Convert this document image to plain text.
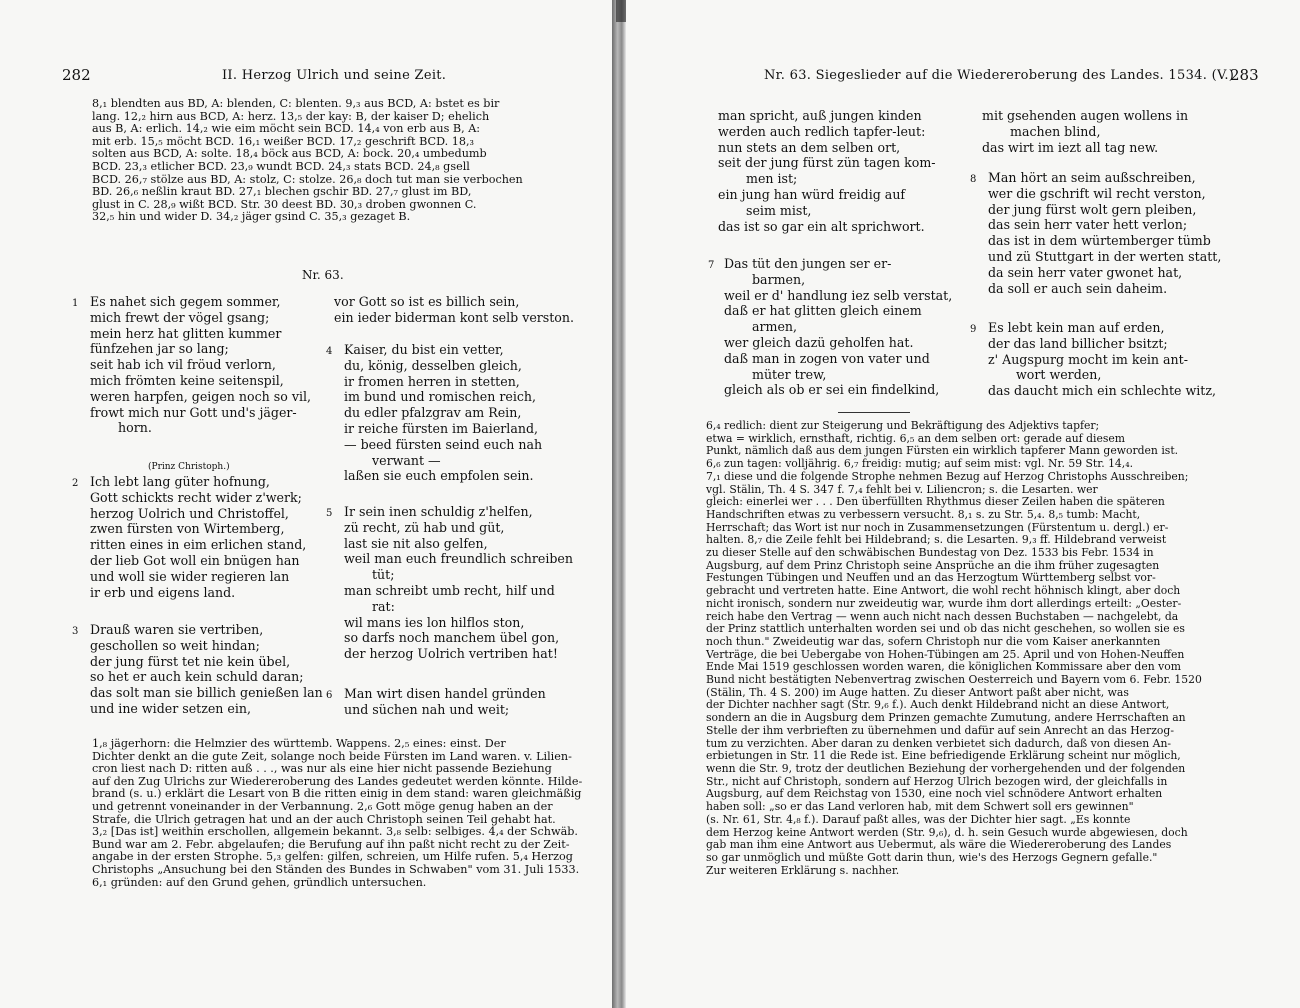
282	II. Herzog Ulrich und seine Zeit.
8,₁ blendten aus BD, A: blenden, C: blenten. 9,₃ aus BCD, A: bstet es bir
lang. 12,₂ hirn aus BCD, A: herz. 13,₅ der kay: B, der kaiser D; ehelich
aus B, A: erlich. 14,₂ wie eim möcht sein BCD. 14,₄ von erb aus B, A:
mit erb. 15,₅ möcht BCD. 16,₁ weißer BCD. 17,₂ geschrift BCD. 18,₃
solten aus BCD, A: solte. 18,₄ böck aus BCD, A: bock. 20,₄ umbedumb
BCD. 23,₃ etlicher BCD. 23,₉ wundt BCD. 24,₃ stats BCD. 24,₈ gsell
BCD. 26,₇ stölze aus BD, A: stolz, C: stolze. 26,₈ doch tut man sie verbochen
BD. 26,₆ neßlin kraut BD. 27,₁ blechen gschir BD. 27,₇ glust im BD,
glust in C. 28,₉ wißt BCD. Str. 30 deest BD. 30,₃ droben gwonnen C.
32,₅ hin und wider D. 34,₂ jäger gsind C. 35,₃ gezaget B.
Nr. 63.
1 Es nahet sich gegem sommer,
mich frewt der vögel gsang;
mein herz hat glitten kummer
fünfzehen jar so lang;
seit hab ich vil fröud verlorn,
mich frömten keine seitenspil,
weren harpfen, geigen noch so vil,
frowt mich nur Gott und's jäger-
horn.
(Prinz Christoph.)
2 Ich lebt lang güter hofnung,
Gott schickts recht wider z'werk;
herzog Uolrich und Christoffel,
zwen fürsten von Wirtemberg,
ritten eines in eim erlichen stand,
der lieb Got woll ein bnügen han
und woll sie wider regieren lan
ir erb und eigens land.
3 Drauß waren sie vertriben,
geschollen so weit hindan;
der jung fürst tet nie kein übel,
so het er auch kein schuld daran;
das solt man sie billich genießen lan
und ine wider setzen ein,
vor Gott so ist es billich sein,
ein ieder biderman kont selb verston.
4 Kaiser, du bist ein vetter,
du, könig, desselben gleich,
ir fromen herren in stetten,
im bund und romischen reich,
du edler pfalzgrav am Rein,
ir reiche fürsten im Baierland,
— beed fürsten seind euch nah
verwant —
laßen sie euch empfolen sein.
5 Ir sein inen schuldig z'helfen,
zü recht, zü hab und güt,
last sie nit also gelfen,
weil man euch freundlich schreiben
tüt;
man schreibt umb recht, hilf und
rat:
wil mans ies lon hilflos ston,
so darfs noch manchem übel gon,
der herzog Uolrich vertriben hat!
6 Man wirt disen handel gründen
und süchen nah und weit;
1,₈ jägerhorn: die Helmzier des württemb. Wappens. 2,₅ eines: einst. Der
Dichter denkt an die gute Zeit, solange noch beide Fürsten im Land waren. v. Lilien-
cron liest nach D: ritten auß . . ., was nur als eine hier nicht passende Beziehung
auf den Zug Ulrichs zur Wiedereroberung des Landes gedeutet werden könnte. Hilde-
brand (s. u.) erklärt die Lesart von B die ritten einig in dem stand: waren gleichmäßig
und getrennt voneinander in der Verbannung. 2,₆ Gott möge genug haben an der
Strafe, die Ulrich getragen hat und an der auch Christoph seinen Teil gehabt hat.
3,₂ [Das ist] weithin erschollen, allgemein bekannt. 3,₈ selb: selbiges. 4,₄ der Schwäb.
Bund war am 2. Febr. abgelaufen; die Berufung auf ihn paßt nicht recht zu der Zeit-
angabe in der ersten Strophe. 5,₃ gelfen: gilfen, schreien, um Hilfe rufen. 5,₄ Herzog
Christophs „Ansuchung bei den Ständen des Bundes in Schwaben" vom 31. Juli 1533.
6,₁ gründen: auf den Grund gehen, gründlich untersuchen.
Nr. 63. Siegeslieder auf die Wiedereroberung des Landes. 1534. (V.)
283
man spricht, auß jungen kinden
werden auch redlich tapfer-leut:
nun stets an dem selben ort,
seit der jung fürst zün tagen kom-
men ist;
ein jung han würd freidig auf
seim mist,
das ist so gar ein alt sprichwort.
7 Das tüt den jungen ser er-
barmen,
weil er d' handlung iez selb verstat,
daß er hat glitten gleich einem
armen,
wer gleich dazü geholfen hat.
daß man in zogen von vater und
müter trew,
gleich als ob er sei ein findelkind,
mit gsehenden augen wollens in
machen blind,
das wirt im iezt all tag new.
8 Man hört an seim außschreiben,
wer die gschrift wil recht verston,
der jung fürst wolt gern pleiben,
das sein herr vater hett verlon;
das ist in dem würtemberger tümb
und zü Stuttgart in der werten statt,
da sein herr vater gwonet hat,
da soll er auch sein daheim.
9 Es lebt kein man auf erden,
der das land billicher bsitzt;
z' Augspurg mocht im kein ant-
wort werden,
das daucht mich ein schlechte witz,
6,₄ redlich: dient zur Steigerung und Bekräftigung des Adjektivs tapfer;
etwa = wirklich, ernsthaft, richtig. 6,₅ an dem selben ort: gerade auf diesem
Punkt, nämlich daß aus dem jungen Fürsten ein wirklich tapferer Mann geworden ist.
6,₆ zun tagen: volljährig. 6,₇ freidig: mutig; auf seim mist: vgl. Nr. 59 Str. 14,₄.
7,₁ diese und die folgende Strophe nehmen Bezug auf Herzog Christophs Ausschreiben;
vgl. Stälin, Th. 4 S. 347 f. 7,₄ fehlt bei v. Liliencron; s. die Lesarten. wer
gleich: einerlei wer . . . Den überfüllten Rhythmus dieser Zeilen haben die späteren
Handschriften etwas zu verbessern versucht. 8,₁ s. zu Str. 5,₄. 8,₅ tumb: Macht,
Herrschaft; das Wort ist nur noch in Zusammensetzungen (Fürstentum u. dergl.) er-
halten. 8,₇ die Zeile fehlt bei Hildebrand; s. die Lesarten. 9,₃ ff. Hildebrand verweist
zu dieser Stelle auf den schwäbischen Bundestag von Dez. 1533 bis Febr. 1534 in
Augsburg, auf dem Prinz Christoph seine Ansprüche an die ihm früher zugesagten
Festungen Tübingen und Neuffen und an das Herzogtum Württemberg selbst vor-
gebracht und vertreten hatte. Eine Antwort, die wohl recht höhnisch klingt, aber doch
nicht ironisch, sondern nur zweideutig war, wurde ihm dort allerdings erteilt: „Oester-
reich habe den Vertrag — wenn auch nicht nach dessen Buchstaben — nachgelebt, da
der Prinz stattlich unterhalten worden sei und ob das nicht geschehen, so wollen sie es
noch thun." Zweideutig war das, sofern Christoph nur die vom Kaiser anerkannten
Verträge, die bei Uebergabe von Hohen-Tübingen am 25. April und von Hohen-Neuffen
Ende Mai 1519 geschlossen worden waren, die königlichen Kommissare aber den vom
Bund nicht bestätigten Nebenvertrag zwischen Oesterreich und Bayern vom 6. Febr. 1520
(Stälin, Th. 4 S. 200) im Auge hatten. Zu dieser Antwort paßt aber nicht, was
der Dichter nachher sagt (Str. 9,₆ f.). Auch denkt Hildebrand nicht an diese Antwort,
sondern an die in Augsburg dem Prinzen gemachte Zumutung, andere Herrschaften an
Stelle der ihm verbrieften zu übernehmen und dafür auf sein Anrecht an das Herzog-
tum zu verzichten. Aber daran zu denken verbietet sich dadurch, daß von diesen An-
erbietungen in Str. 11 die Rede ist. Eine befriedigende Erklärung scheint nur möglich,
wenn die Str. 9, trotz der deutlichen Beziehung der vorhergehenden und der folgenden
Str., nicht auf Christoph, sondern auf Herzog Ulrich bezogen wird, der gleichfalls in
Augsburg, auf dem Reichstag von 1530, eine noch viel schnödere Antwort erhalten
haben soll: „so er das Land verloren hab, mit dem Schwert soll ers gewinnen"
(s. Nr. 61, Str. 4,₈ f.). Darauf paßt alles, was der Dichter hier sagt. „Es konnte
dem Herzog keine Antwort werden (Str. 9,₆), d. h. sein Gesuch wurde abgewiesen, doch
gab man ihm eine Antwort aus Uebermut, als wäre die Wiedereroberung des Landes
so gar unmöglich und müßte Gott darin thun, wie's des Herzogs Gegnern gefalle."
Zur weiteren Erklärung s. nachher.
